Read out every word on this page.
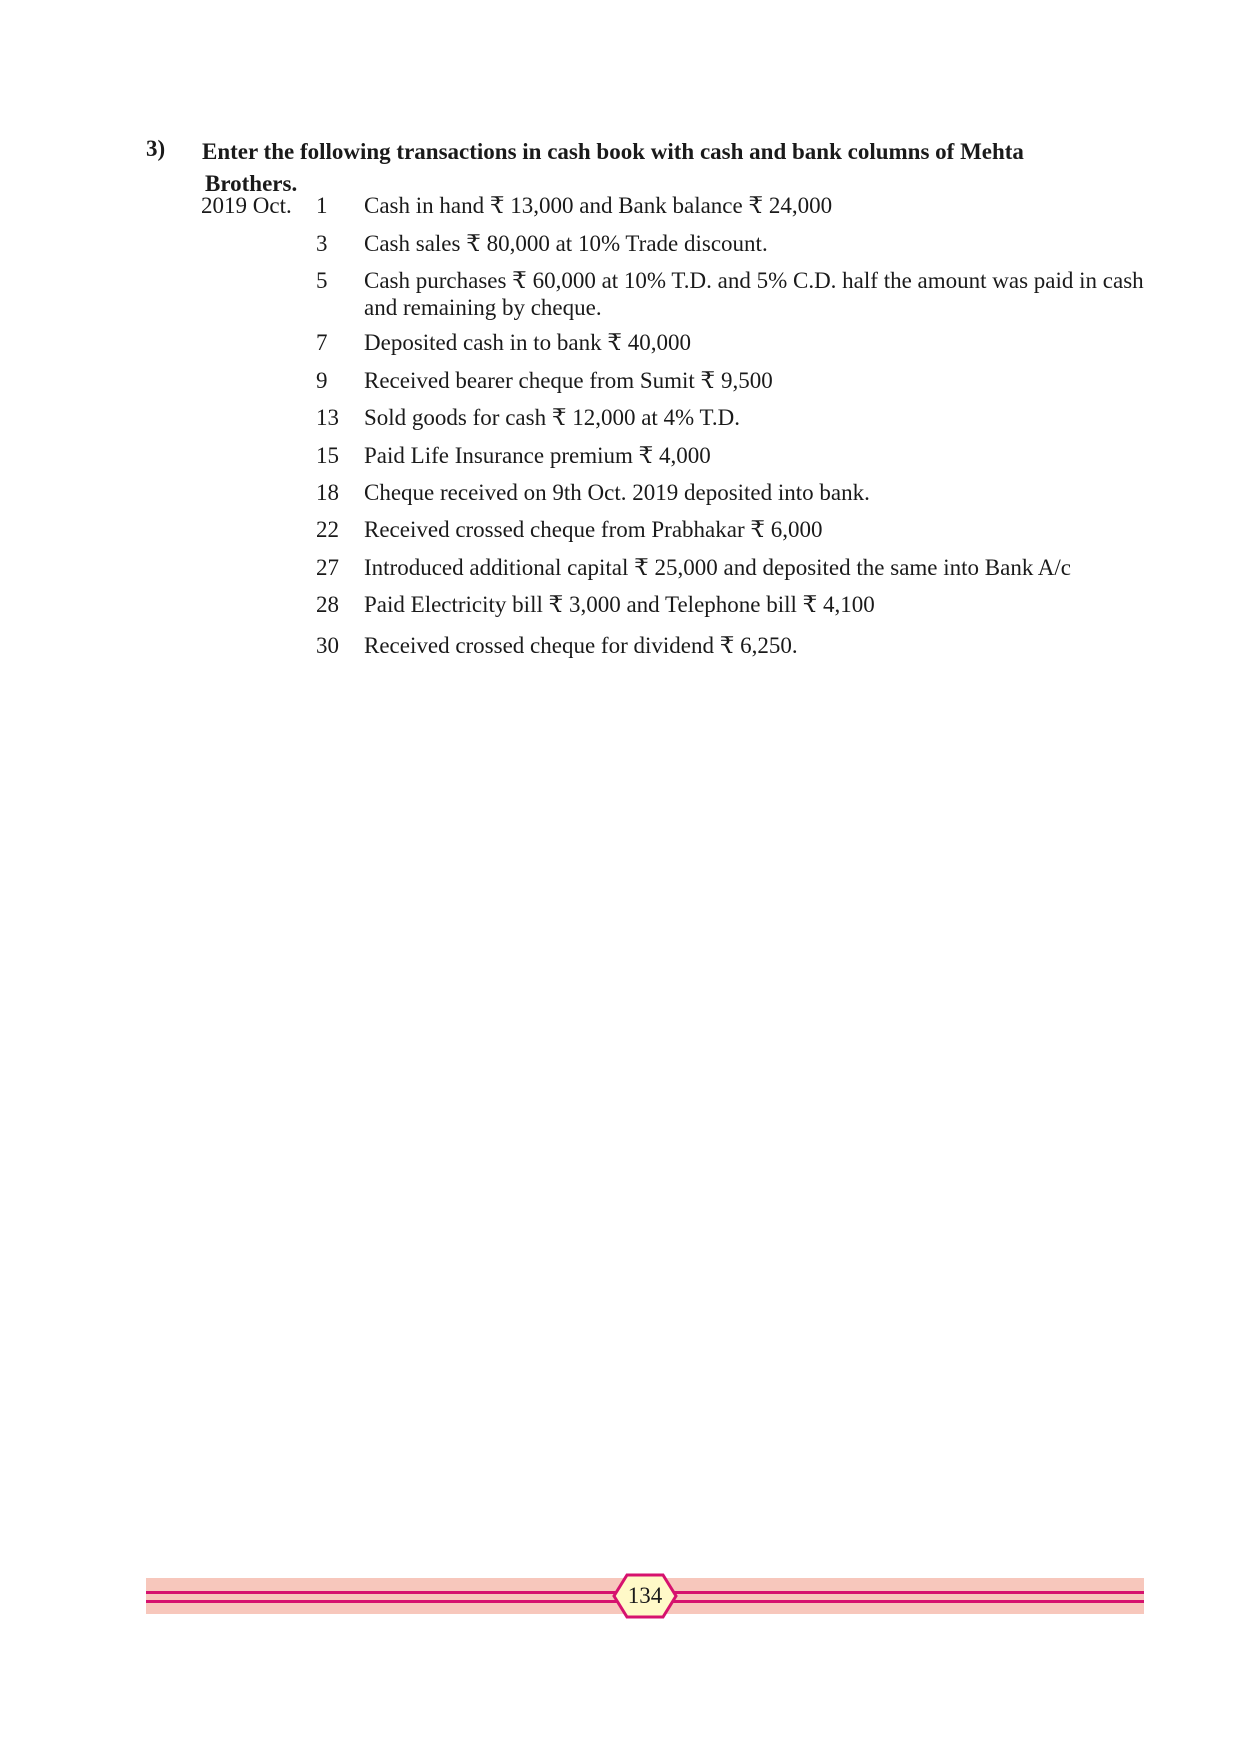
3) Enter the following transactions in cash book with cash and bank columns of Mehta
Brothers.
2019 Oct. 1 Cash in hand ₹ 13,000 and Bank balance ₹ 24,000
3 Cash sales ₹ 80,000 at 10% Trade discount.
5 Cash purchases ₹ 60,000 at 10% T.D. and 5% C.D. half the amount was paid in cash and remaining by cheque.
7 Deposited cash in to bank ₹ 40,000
9 Received bearer cheque from Sumit ₹ 9,500
13 Sold goods for cash ₹ 12,000 at 4% T.D.
15 Paid Life Insurance premium ₹ 4,000
18 Cheque received on 9th Oct. 2019 deposited into bank.
22 Received crossed cheque from Prabhakar ₹ 6,000
27 Introduced additional capital ₹ 25,000 and deposited the same into Bank A/c
28 Paid Electricity bill ₹ 3,000 and Telephone bill ₹ 4,100
30 Received crossed cheque for dividend ₹ 6,250.
134
